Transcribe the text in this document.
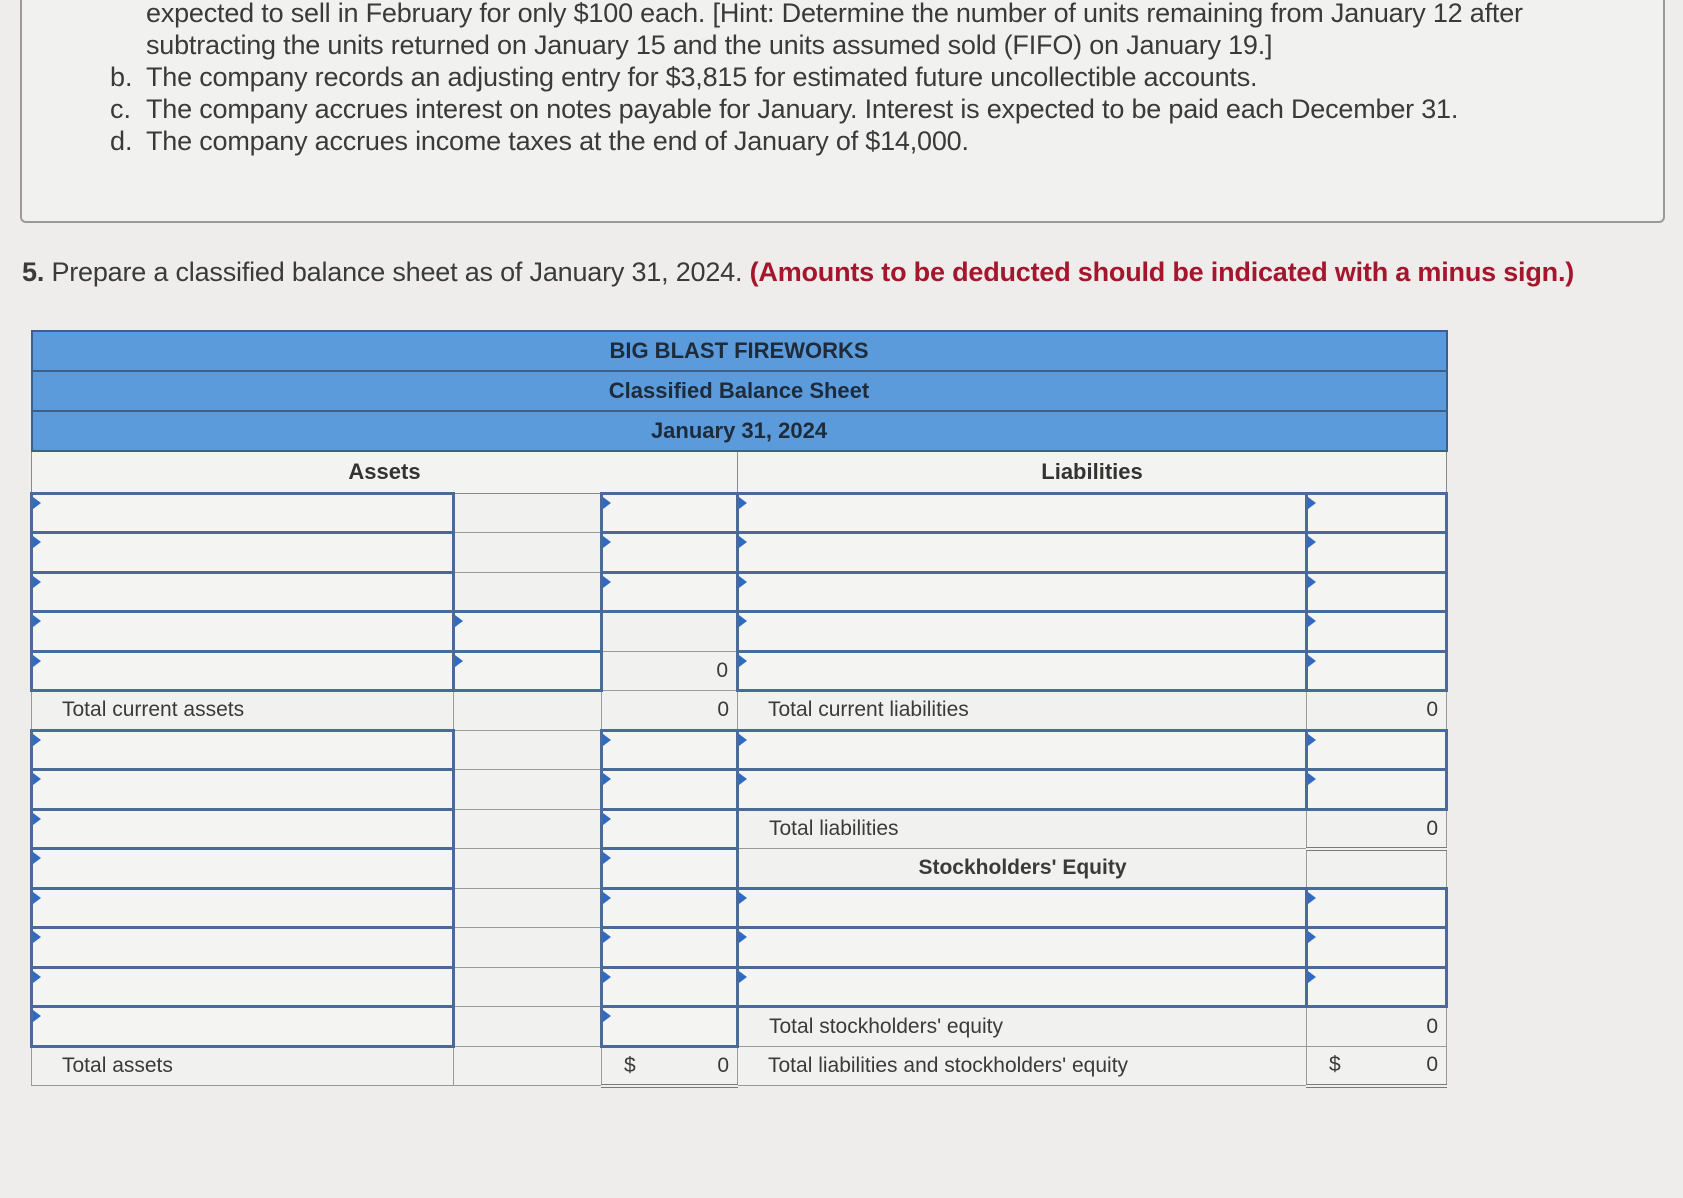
expected to sell in February for only $100 each. [Hint: Determine the number of units remaining from January 12 after
subtracting the units returned on January 15 and the units assumed sold (FIFO) on January 19.]
b. The company records an adjusting entry for $3,815 for estimated future uncollectible accounts.
c. The company accrues interest on notes payable for January. Interest is expected to be paid each December 31.
d. The company accrues income taxes at the end of January of $14,000.
5. Prepare a classified balance sheet as of January 31, 2024. (Amounts to be deducted should be indicated with a minus sign.)
BIG BLAST FIREWORKS				
Classified Balance Sheet				
January 31, 2024				
Assets			Liabilities	

		0		
Total current assets		0	Total current liabilities	0

			Total liabilities	0
			Stockholders' Equity	

			Total stockholders' equity	0
Total assets		$ 0	Total liabilities and stockholders' equity	$ 0
